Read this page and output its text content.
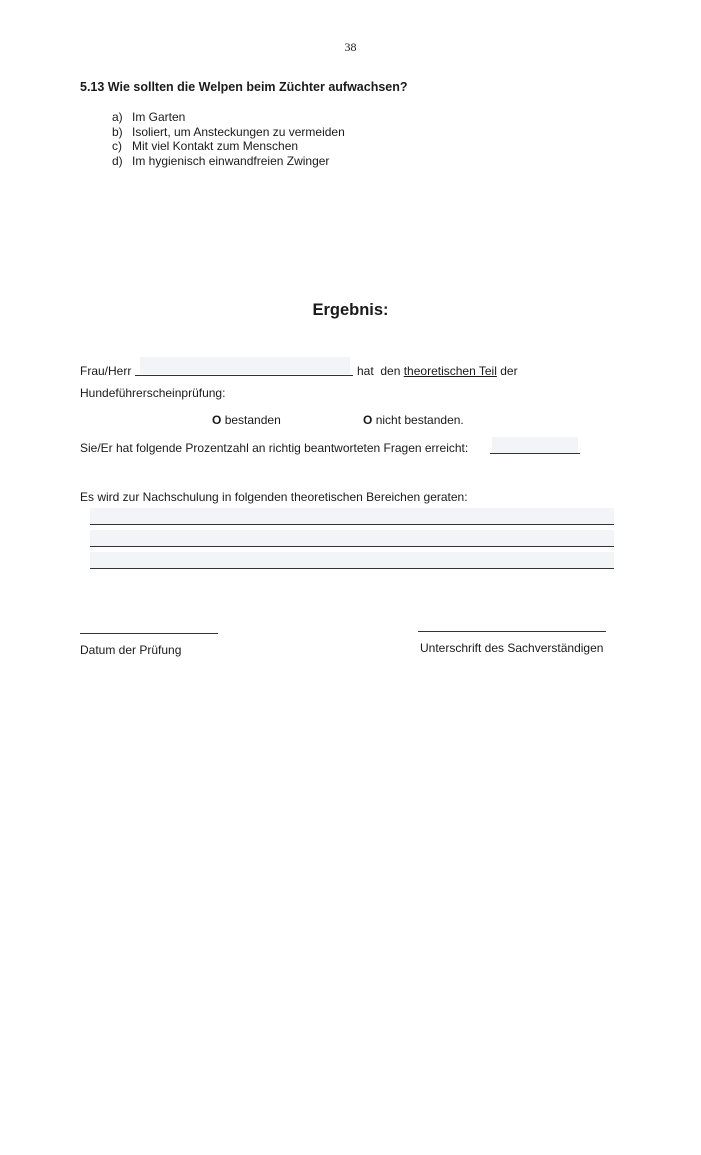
38
5.13 Wie sollten die Welpen beim Züchter aufwachsen?
a) Im Garten
b) Isoliert, um Ansteckungen zu vermeiden
c) Mit viel Kontakt zum Menschen
d) Im hygienisch einwandfreien Zwinger
Ergebnis:
Frau/Herr	hat  den theoretischen Teil der
Hundeführerscheinprüfung:
O bestanden	O nicht bestanden.
Sie/Er hat folgende Prozentzahl an richtig beantworteten Fragen erreicht:
Es wird zur Nachschulung in folgenden theoretischen Bereichen geraten:
Datum der Prüfung	Unterschrift des Sachverständigen
